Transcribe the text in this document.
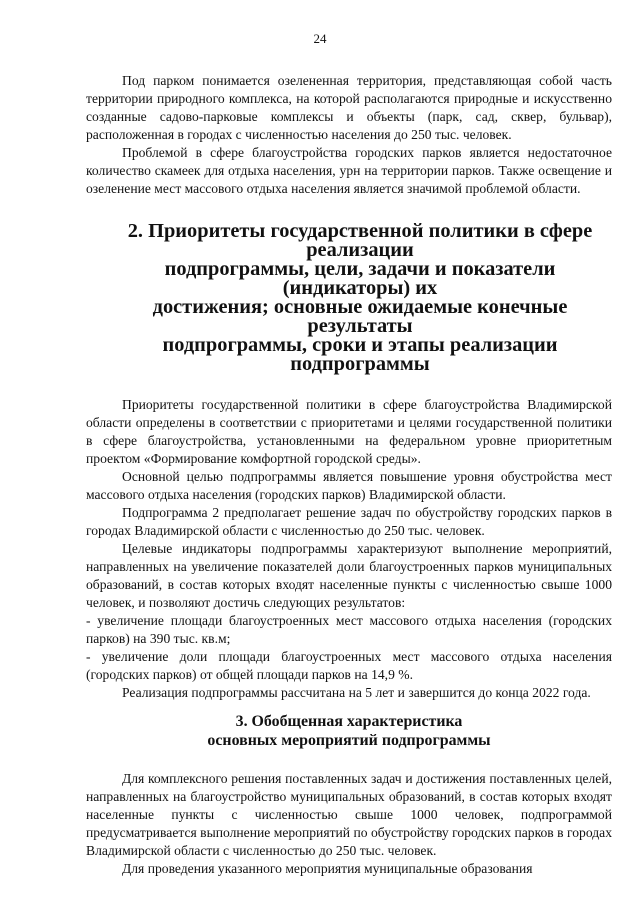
24

Под парком понимается озелененная территория, представляющая собой часть территории природного комплекса, на которой располагаются природные и искусственно созданные садово-парковые комплексы и объекты (парк, сад, сквер, бульвар), расположенная в городах с численностью населения до 250 тыс. человек.

Проблемой в сфере благоустройства городских парков является недостаточное количество скамеек для отдыха населения, урн на территории парков. Также освещение и озеленение мест массового отдыха населения является значимой проблемой области.

2. Приоритеты государственной политики в сфере реализации
подпрограммы, цели, задачи и показатели (индикаторы) их
достижения; основные ожидаемые конечные результаты
подпрограммы, сроки и этапы реализации подпрограммы

Приоритеты государственной политики в сфере благоустройства Владимирской области определены в соответствии с приоритетами и целями государственной политики в сфере благоустройства, установленными на федеральном уровне приоритетным проектом «Формирование комфортной городской среды».

Основной целью подпрограммы является повышение уровня обустройства мест массового отдыха населения (городских парков) Владимирской области.

Подпрограмма 2 предполагает решение задач по обустройству городских парков в городах Владимирской области с численностью до 250 тыс. человек.

Целевые индикаторы подпрограммы характеризуют выполнение мероприятий, направленных на увеличение показателей доли благоустроенных парков муниципальных образований, в состав которых входят населенные пункты с численностью свыше 1000 человек, и позволяют достичь следующих результатов:

- увеличение площади благоустроенных мест массового отдыха населения (городских парков) на 390 тыс. кв.м;

- увеличение доли площади благоустроенных мест массового отдыха населения (городских парков) от общей площади парков на 14,9 %.

Реализация подпрограммы рассчитана на 5 лет и завершится до конца 2022 года.

3. Обобщенная характеристика
основных мероприятий подпрограммы

Для комплексного решения поставленных задач и достижения поставленных целей, направленных на благоустройство муниципальных образований, в состав которых входят населенные пункты с численностью свыше 1000 человек, подпрограммой предусматривается выполнение мероприятий по обустройству городских парков в городах Владимирской области с численностью до 250 тыс. человек.

Для проведения указанного мероприятия муниципальные образования
